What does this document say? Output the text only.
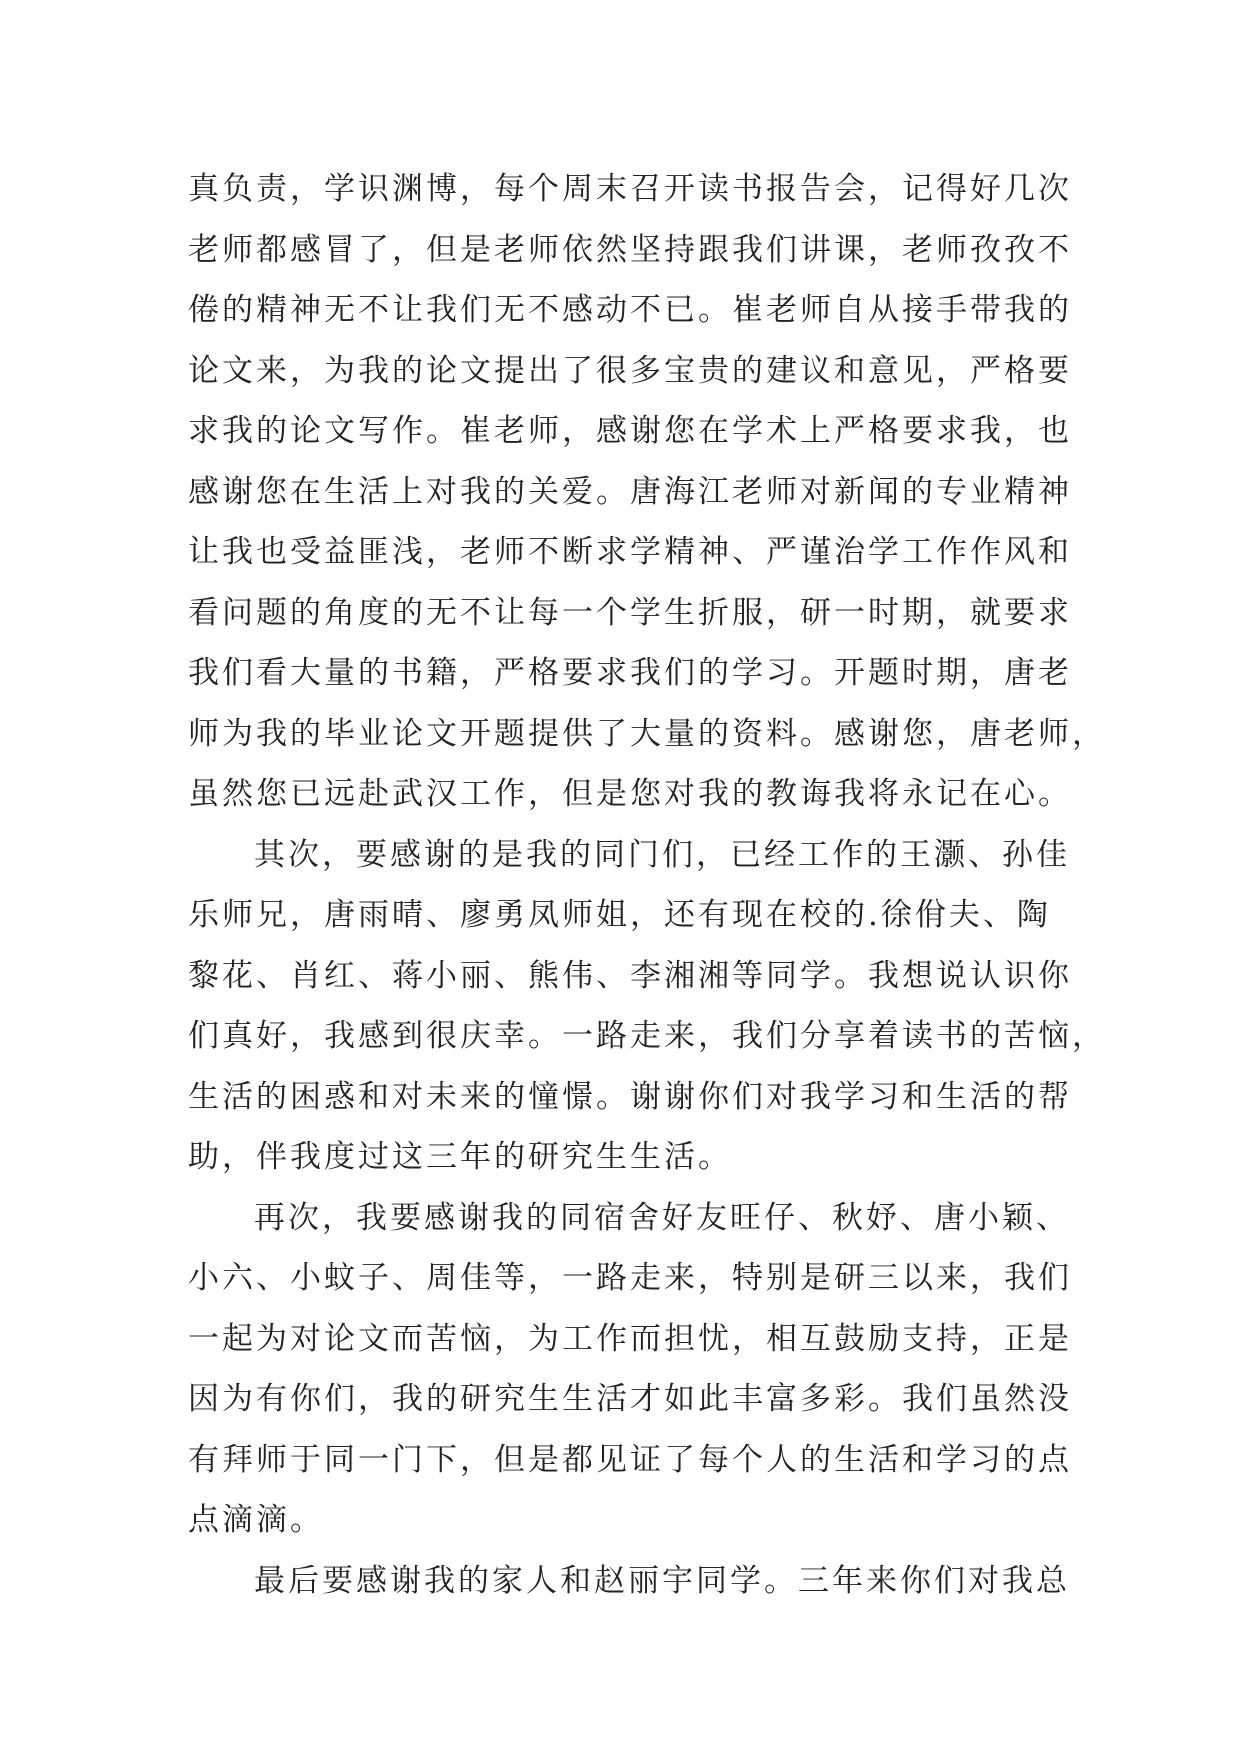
真负责，学识渊博，每个周末召开读书报告会，记得好几次
老师都感冒了，但是老师依然坚持跟我们讲课，老师孜孜不
倦的精神无不让我们无不感动不已。崔老师自从接手带我的
论文来，为我的论文提出了很多宝贵的建议和意见，严格要
求我的论文写作。崔老师，感谢您在学术上严格要求我，也
感谢您在生活上对我的关爱。唐海江老师对新闻的专业精神
让我也受益匪浅，老师不断求学精神、严谨治学工作作风和
看问题的角度的无不让每一个学生折服，研一时期，就要求
我们看大量的书籍，严格要求我们的学习。开题时期，唐老
师为我的毕业论文开题提供了大量的资料。感谢您，唐老师，
虽然您已远赴武汉工作，但是您对我的教诲我将永记在心。
其次，要感谢的是我的同门们，已经工作的王灏、孙佳
乐师兄，唐雨晴、廖勇凤师姐，还有现在校的.徐佾夫、陶
黎花、肖红、蒋小丽、熊伟、李湘湘等同学。我想说认识你
们真好，我感到很庆幸。一路走来，我们分享着读书的苦恼，
生活的困惑和对未来的憧憬。谢谢你们对我学习和生活的帮
助，伴我度过这三年的研究生生活。
再次，我要感谢我的同宿舍好友旺仔、秋妤、唐小颖、
小六、小蚊子、周佳等，一路走来，特别是研三以来，我们
一起为对论文而苦恼，为工作而担忧，相互鼓励支持，正是
因为有你们，我的研究生生活才如此丰富多彩。我们虽然没
有拜师于同一门下，但是都见证了每个人的生活和学习的点
点滴滴。
最后要感谢我的家人和赵丽宇同学。三年来你们对我总
